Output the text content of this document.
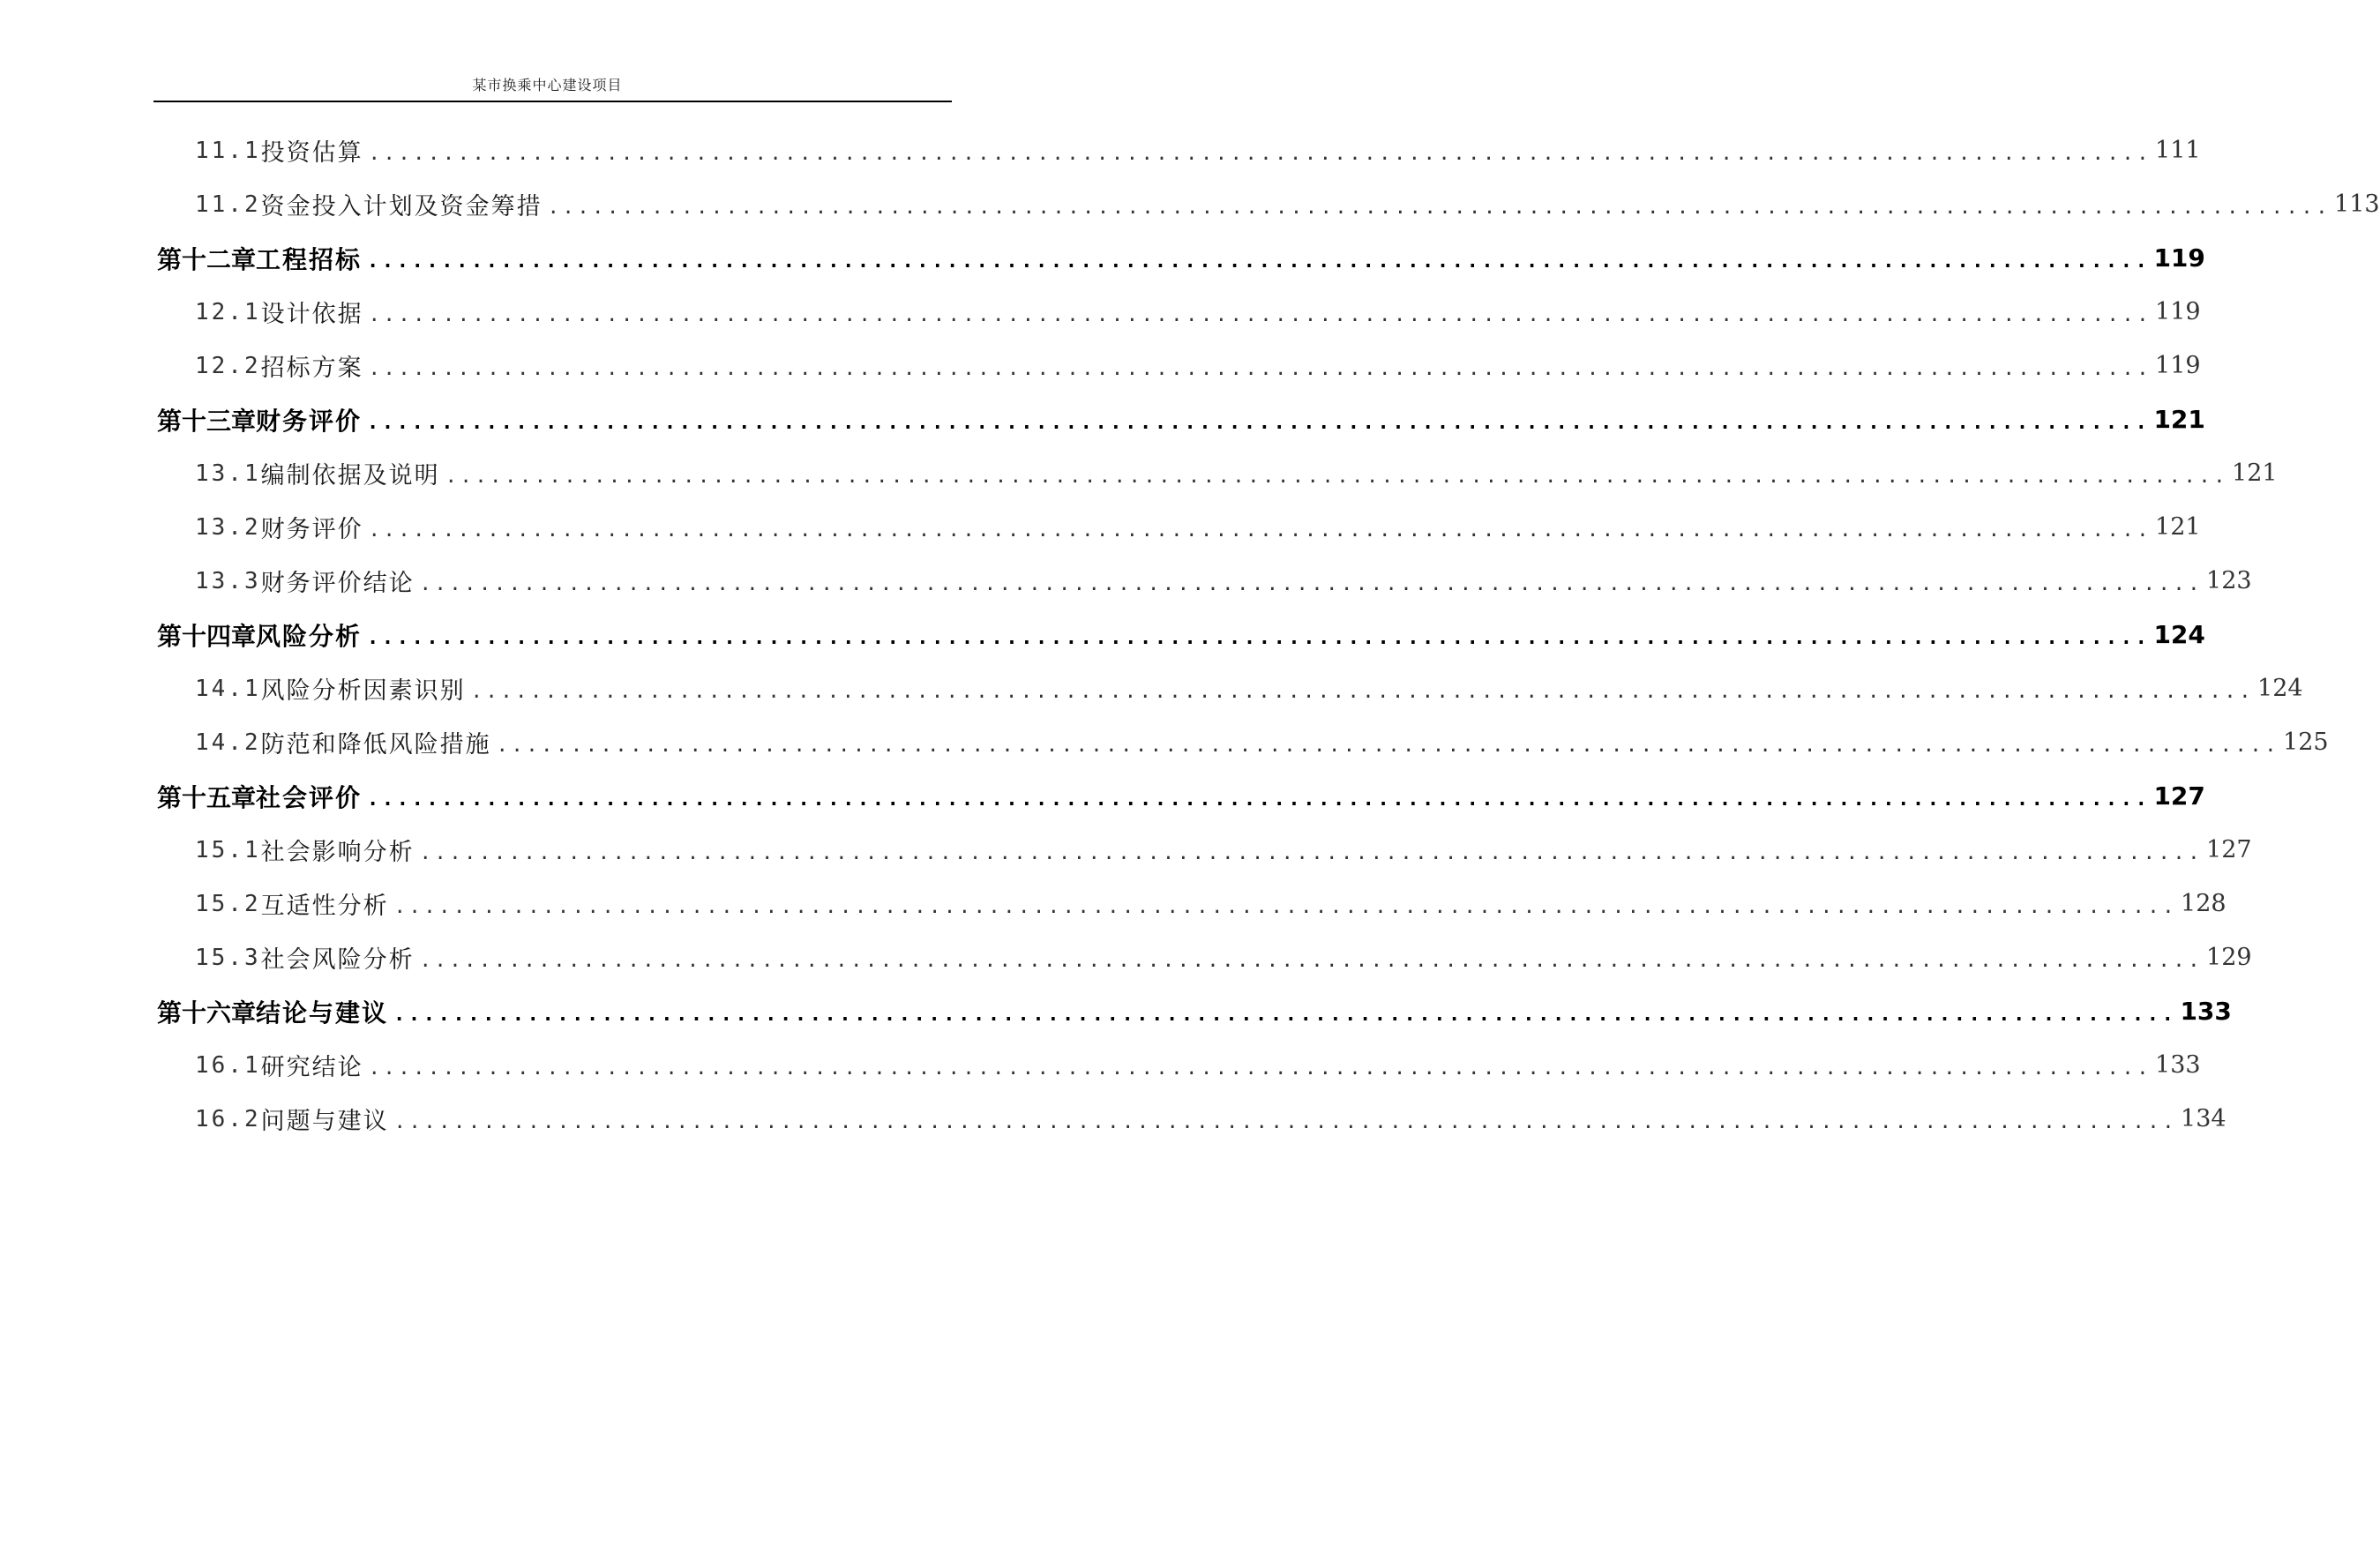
某市换乘中心建设项目
11.1 投资估算 ........................................................................................................................ 111
11.2 资金投入计划及资金筹措 ........................................................................................................................ 113
第十二章 工程招标 ........................................................................................................................ 119
12.1 设计依据 ........................................................................................................................ 119
12.2 招标方案 ........................................................................................................................ 119
第十三章 财务评价 ........................................................................................................................ 121
13.1 编制依据及说明 ........................................................................................................................ 121
13.2 财务评价 ........................................................................................................................ 121
13.3 财务评价结论 ........................................................................................................................ 123
第十四章 风险分析 ........................................................................................................................ 124
14.1 风险分析因素识别 ........................................................................................................................ 124
14.2 防范和降低风险措施 ........................................................................................................................ 125
第十五章 社会评价 ........................................................................................................................ 127
15.1 社会影响分析 ........................................................................................................................ 127
15.2 互适性分析 ........................................................................................................................ 128
15.3 社会风险分析 ........................................................................................................................ 129
第十六章 结论与建议 ........................................................................................................................ 133
16.1 研究结论 ........................................................................................................................ 133
16.2 问题与建议 ........................................................................................................................ 134
